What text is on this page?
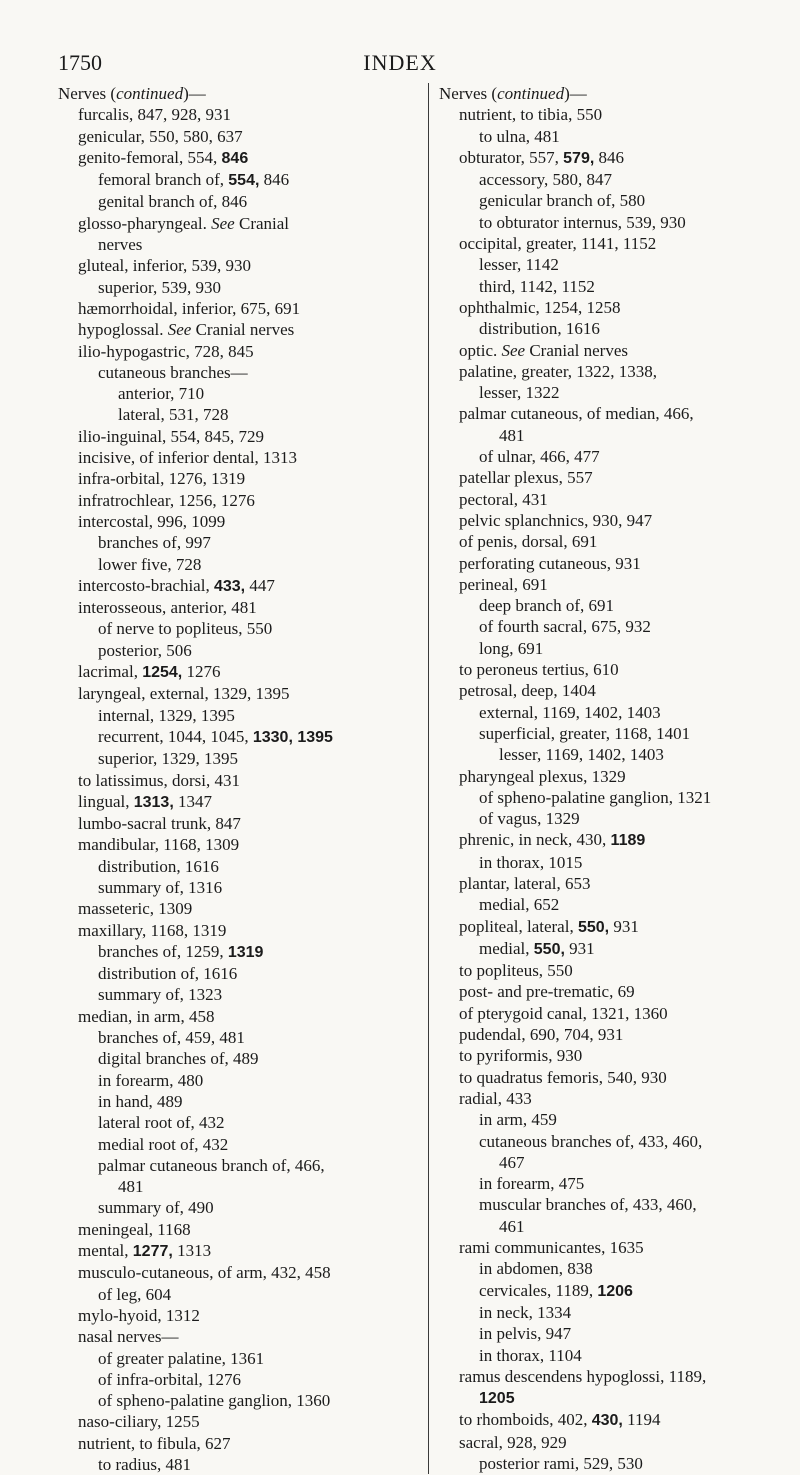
1750	INDEX
Nerves (continued)—
furcalis, 847, 928, 931
genicular, 550, 580, 637
genito-femoral, 554, 846
femoral branch of, 554, 846
genital branch of, 846
glosso-pharyngeal. See Cranial
nerves
gluteal, inferior, 539, 930
superior, 539, 930
hæmorrhoidal, inferior, 675, 691
hypoglossal. See Cranial nerves
ilio-hypogastric, 728, 845
cutaneous branches—
anterior, 710
lateral, 531, 728
ilio-inguinal, 554, 845, 729
incisive, of inferior dental, 1313
infra-orbital, 1276, 1319
infratrochlear, 1256, 1276
intercostal, 996, 1099
branches of, 997
lower five, 728
intercosto-brachial, 433, 447
interosseous, anterior, 481
of nerve to popliteus, 550
posterior, 506
lacrimal, 1254, 1276
laryngeal, external, 1329, 1395
internal, 1329, 1395
recurrent, 1044, 1045, 1330, 1395
superior, 1329, 1395
to latissimus, dorsi, 431
lingual, 1313, 1347
lumbo-sacral trunk, 847
mandibular, 1168, 1309
distribution, 1616
summary of, 1316
masseteric, 1309
maxillary, 1168, 1319
branches of, 1259, 1319
distribution of, 1616
summary of, 1323
median, in arm, 458
branches of, 459, 481
digital branches of, 489
in forearm, 480
in hand, 489
lateral root of, 432
medial root of, 432
palmar cutaneous branch of, 466,
481
summary of, 490
meningeal, 1168
mental, 1277, 1313
musculo-cutaneous, of arm, 432, 458
of leg, 604
mylo-hyoid, 1312
nasal nerves—
of greater palatine, 1361
of infra-orbital, 1276
of spheno-palatine ganglion, 1360
naso-ciliary, 1255
nutrient, to fibula, 627
to radius, 481
Nerves (continued)—
nutrient, to tibia, 550
to ulna, 481
obturator, 557, 579, 846
accessory, 580, 847
genicular branch of, 580
to obturator internus, 539, 930
occipital, greater, 1141, 1152
lesser, 1142
third, 1142, 1152
ophthalmic, 1254, 1258
distribution, 1616
optic. See Cranial nerves
palatine, greater, 1322, 1338,
lesser, 1322
palmar cutaneous, of median, 466,
481
of ulnar, 466, 477
patellar plexus, 557
pectoral, 431
pelvic splanchnics, 930, 947
of penis, dorsal, 691
perforating cutaneous, 931
perineal, 691
deep branch of, 691
of fourth sacral, 675, 932
long, 691
to peroneus tertius, 610
petrosal, deep, 1404
external, 1169, 1402, 1403
superficial, greater, 1168, 1401
lesser, 1169, 1402, 1403
pharyngeal plexus, 1329
of spheno-palatine ganglion, 1321
of vagus, 1329
phrenic, in neck, 430, 1189
in thorax, 1015
plantar, lateral, 653
medial, 652
popliteal, lateral, 550, 931
medial, 550, 931
to popliteus, 550
post- and pre-trematic, 69
of pterygoid canal, 1321, 1360
pudendal, 690, 704, 931
to pyriformis, 930
to quadratus femoris, 540, 930
radial, 433
in arm, 459
cutaneous branches of, 433, 460,
467
in forearm, 475
muscular branches of, 433, 460,
461
rami communicantes, 1635
in abdomen, 838
cervicales, 1189, 1206
in neck, 1334
in pelvis, 947
in thorax, 1104
ramus descendens hypoglossi, 1189,
1205
to rhomboids, 402, 430, 1194
sacral, 928, 929
posterior rami, 529, 530
